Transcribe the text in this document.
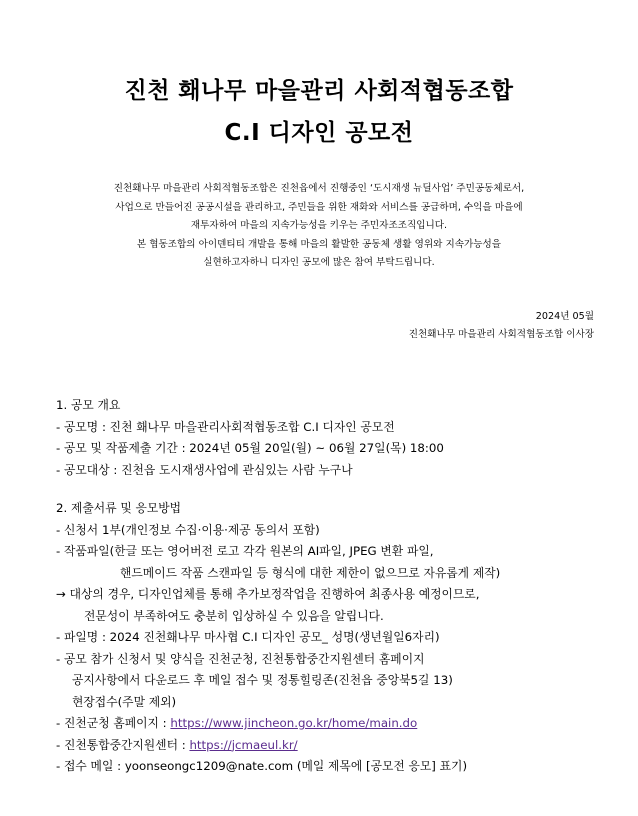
진천 홰나무 마을관리 사회적협동조합
C.I 디자인 공모전
진천홰나무 마을관리 사회적협동조합은 진천읍에서 진행중인 ‘도시재생 뉴딜사업’ 주민공동체로서,
사업으로 만들어진 공공시설을 관리하고, 주민들을 위한 재화와 서비스를 공급하며, 수익을 마을에
재투자하여 마을의 지속가능성을 키우는 주민자조조직입니다.
본 협동조합의 아이덴티티 개발을 통해 마을의 활발한 공동체 생활 영위와 지속가능성을
실현하고자하니 디자인 공모에 많은 참여 부탁드립니다.
2024년 05월
진천홰나무 마을관리 사회적협동조합 이사장
1. 공모 개요
- 공모명 : 진천 홰나무 마을관리사회적협동조합 C.I 디자인 공모전
- 공모 및 작품제출 기간 : 2024년 05월 20일(월) ~ 06월 27일(목) 18:00
- 공모대상 : 진천읍 도시재생사업에 관심있는 사람 누구나
2. 제출서류 및 응모방법
- 신청서 1부(개인정보 수집·이용·제공 동의서 포함)
- 작품파일(한글 또는 영어버전 로고 각각 원본의 AI파일, JPEG 변환 파일,
핸드메이드 작품 스캔파일 등 형식에 대한 제한이 없으므로 자유롭게 제작)
→ 대상의 경우, 디자인업체를 통해 추가보정작업을 진행하여 최종사용 예정이므로,
전문성이 부족하여도 충분히 입상하실 수 있음을 알립니다.
- 파일명 : 2024 진천홰나무 마사협 C.I 디자인 공모_ 성명(생년월일6자리)
- 공모 참가 신청서 및 양식을 진천군청, 진천통합중간지원센터 홈페이지
공지사항에서 다운로드 후 메일 접수 및 정통힐링존(진천읍 중앙북5길 13)
현장접수(주말 제외)
- 진천군청 홈페이지 : https://www.jincheon.go.kr/home/main.do
- 진천통합중간지원센터 : https://jcmaeul.kr/
- 접수 메일 : yoonseongc1209@nate.com (메일 제목에 [공모전 응모] 표기)
